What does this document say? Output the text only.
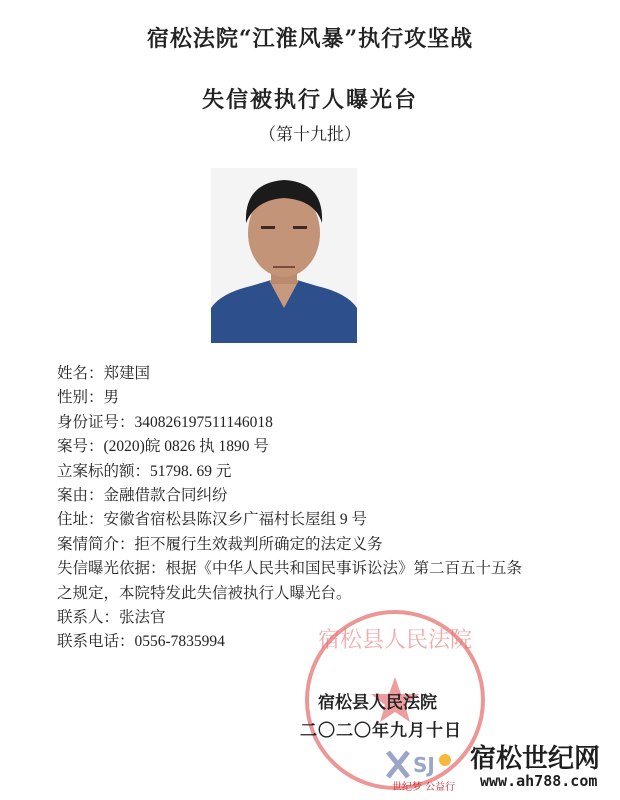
宿松法院“江淮风暴”执行攻坚战
失信被执行人曝光台
（第十九批）
姓名：郑建国
性别：男
身份证号：340826197511146018
案号：(2020)皖 0826 执 1890 号
立案标的额：51798. 69 元
案由：金融借款合同纠纷
住址：安徽省宿松县陈汉乡广福村长屋组 9 号
案情简介：拒不履行生效裁判所确定的法定义务
失信曝光依据：根据《中华人民共和国民事诉讼法》第二百五十五条
之规定，本院特发此失信被执行人曝光台。
联系人：张法官
联系电话：0556-7835994	宿松县人民法院
宿松县人民法院
二〇二〇年九月十日
SJ
世纪梦 公益行
宿松世纪网
www.ah788.com
